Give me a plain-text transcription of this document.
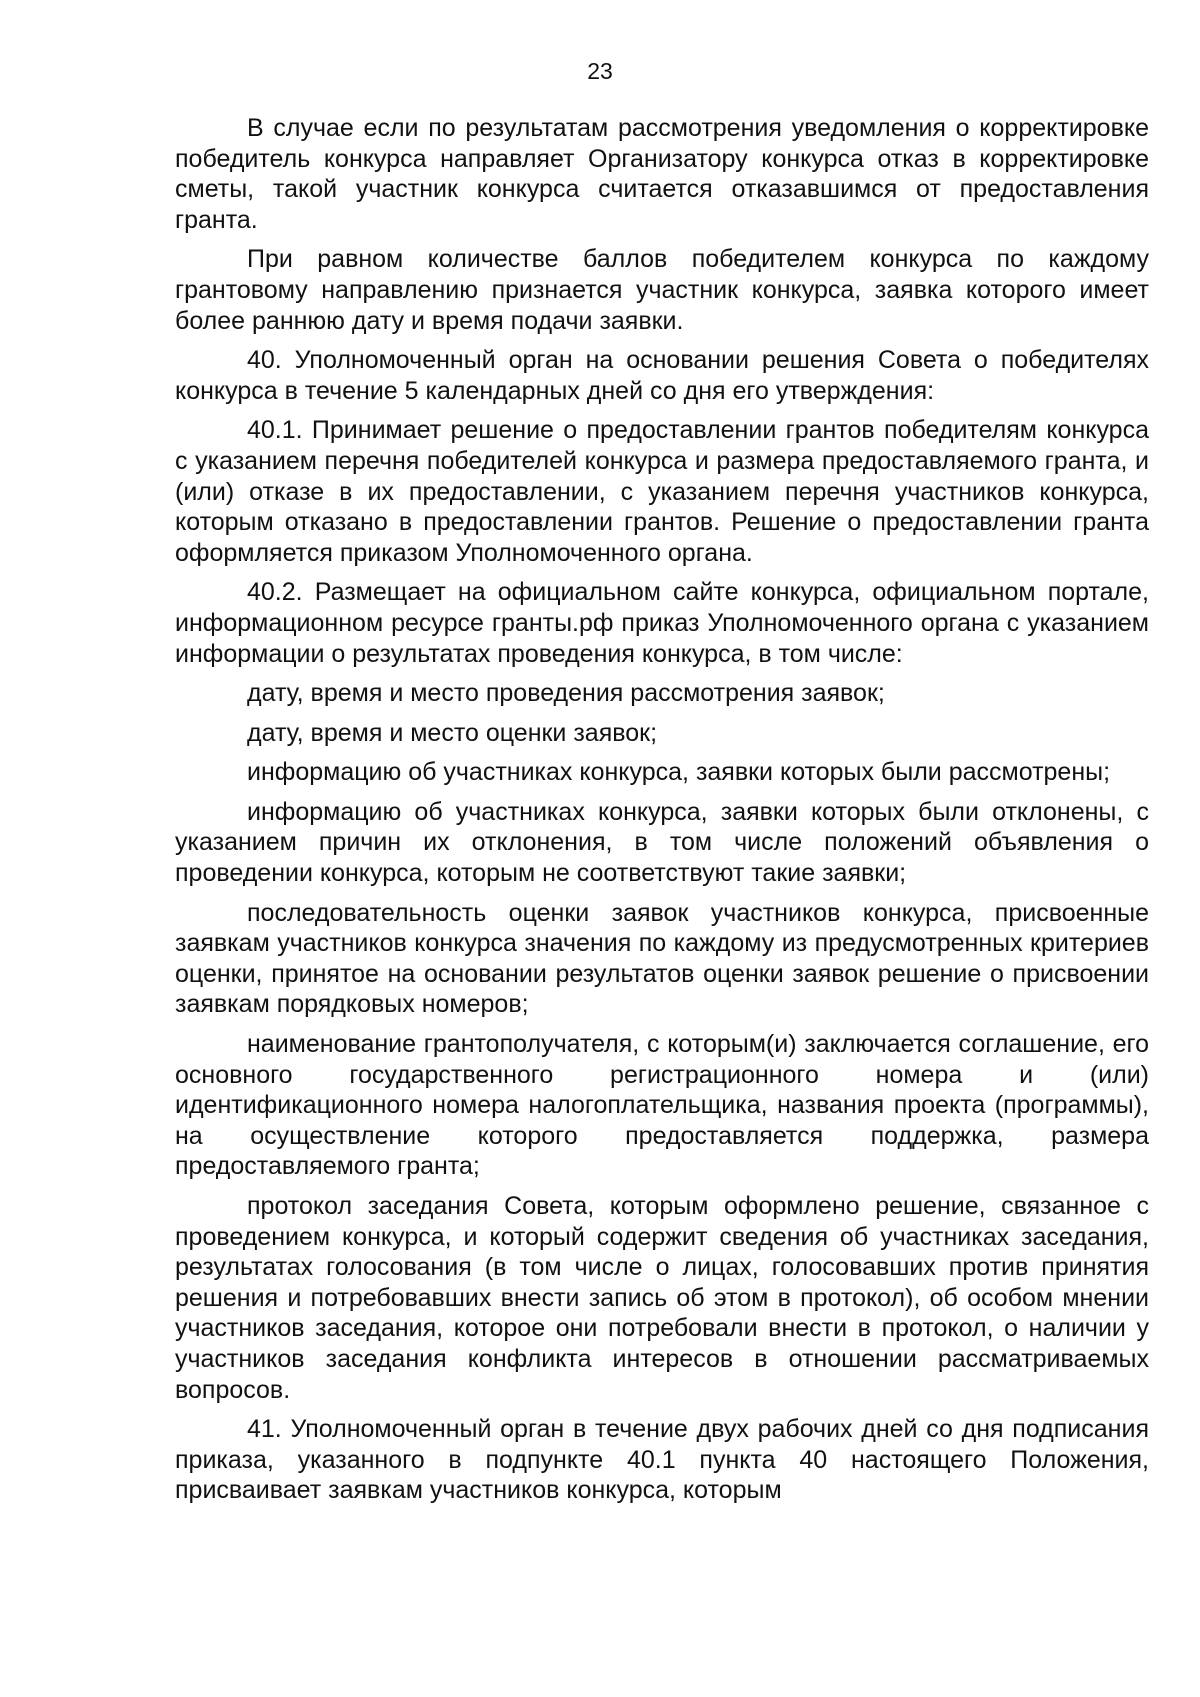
23

В случае если по результатам рассмотрения уведомления о корректировке победитель конкурса направляет Организатору конкурса отказ в корректировке сметы, такой участник конкурса считается отказавшимся от предоставления гранта.

При равном количестве баллов победителем конкурса по каждому грантовому направлению признается участник конкурса, заявка которого имеет более раннюю дату и время подачи заявки.

40. Уполномоченный орган на основании решения Совета о победителях конкурса в течение 5 календарных дней со дня его утверждения:

40.1. Принимает решение о предоставлении грантов победителям конкурса с указанием перечня победителей конкурса и размера предоставляемого гранта, и (или) отказе в их предоставлении, с указанием перечня участников конкурса, которым отказано в предоставлении грантов. Решение о предоставлении гранта оформляется приказом Уполномоченного органа.

40.2. Размещает на официальном сайте конкурса, официальном портале, информационном ресурсе гранты.рф приказ Уполномоченного органа с указанием информации о результатах проведения конкурса, в том числе:

дату, время и место проведения рассмотрения заявок;

дату, время и место оценки заявок;

информацию об участниках конкурса, заявки которых были рассмотрены;

информацию об участниках конкурса, заявки которых были отклонены, с указанием причин их отклонения, в том числе положений объявления о проведении конкурса, которым не соответствуют такие заявки;

последовательность оценки заявок участников конкурса, присвоенные заявкам участников конкурса значения по каждому из предусмотренных критериев оценки, принятое на основании результатов оценки заявок решение о присвоении заявкам порядковых номеров;

наименование грантополучателя, с которым(и) заключается соглашение, его основного государственного регистрационного номера и (или) идентификационного номера налогоплательщика, названия проекта (программы), на осуществление которого предоставляется поддержка, размера предоставляемого гранта;

протокол заседания Совета, которым оформлено решение, связанное с проведением конкурса, и который содержит сведения об участниках заседания, результатах голосования (в том числе о лицах, голосовавших против принятия решения и потребовавших внести запись об этом в протокол), об особом мнении участников заседания, которое они потребовали внести в протокол, о наличии у участников заседания конфликта интересов в отношении рассматриваемых вопросов.

41. Уполномоченный орган в течение двух рабочих дней со дня подписания приказа, указанного в подпункте 40.1 пункта 40 настоящего Положения, присваивает заявкам участников конкурса, которым
